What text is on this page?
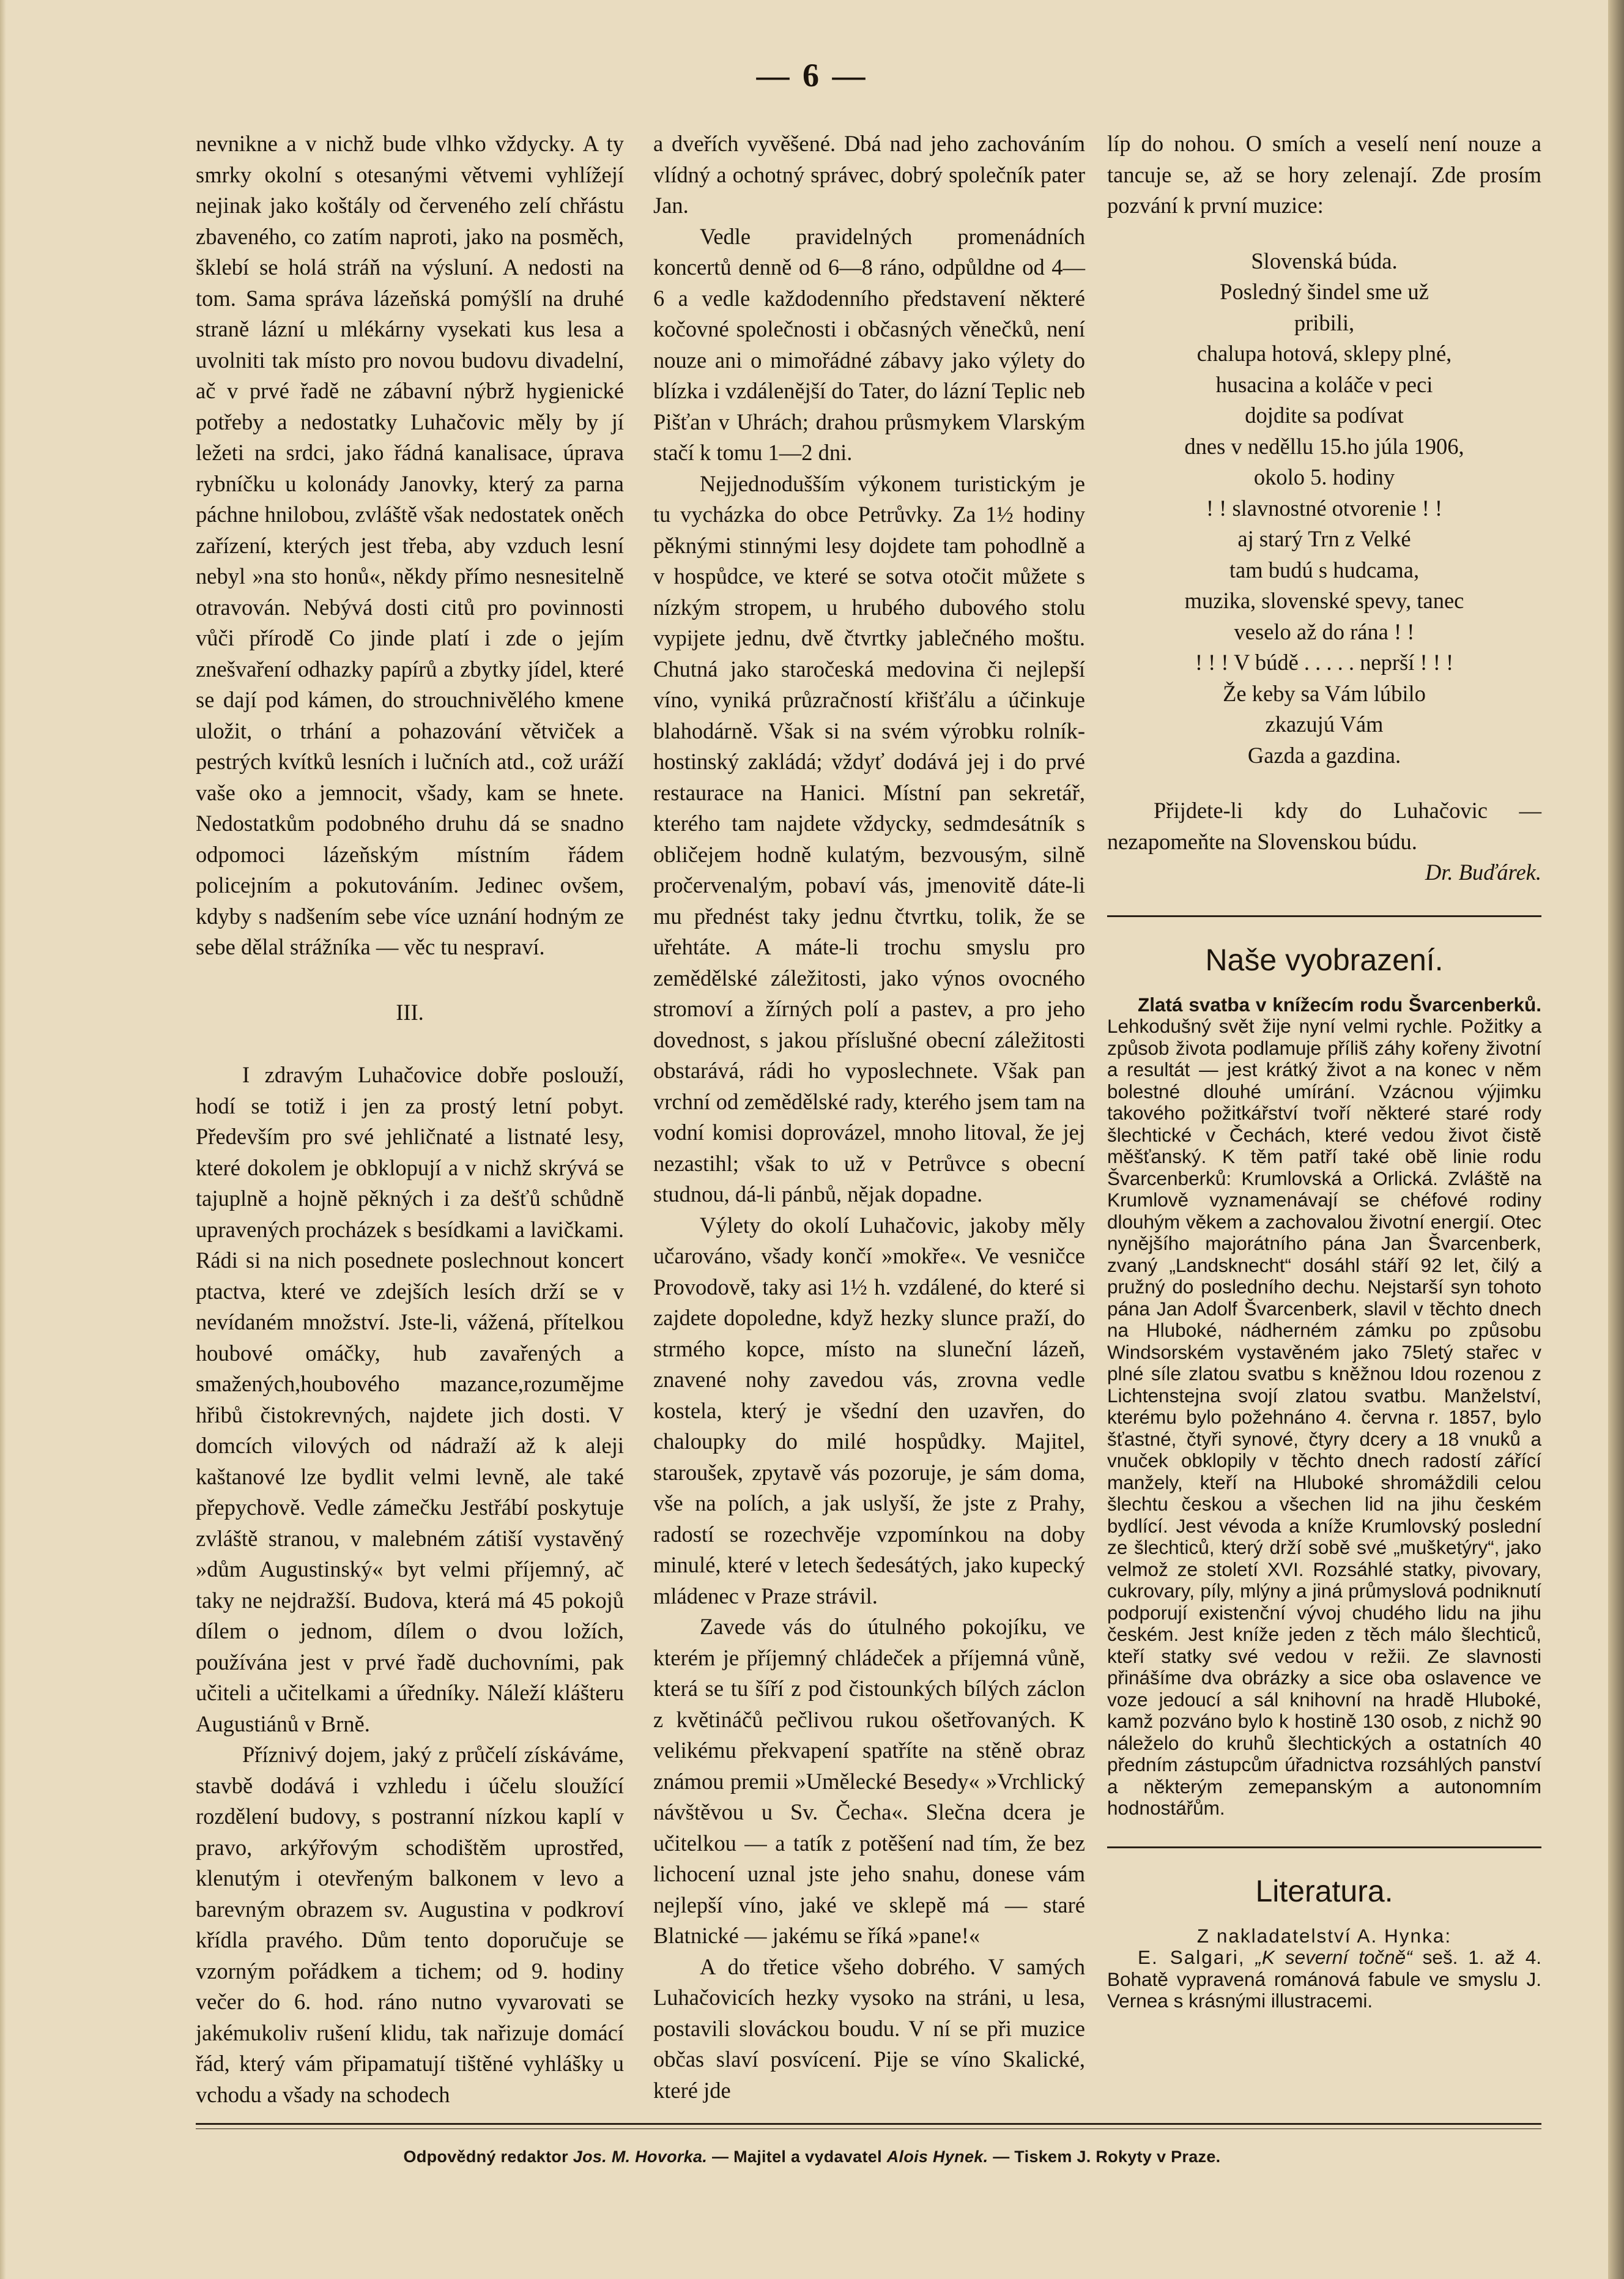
— 6 —

nevnikne a v nichž bude vlhko vždycky. A ty smrky okolní s otesanými větvemi vyhlížejí nejinak jako koštály od červeného zelí chřástu zbaveného, co zatím naproti, jako na posměch, šklebí se holá stráň na výsluní. A nedosti na tom. Sama správa lázeňská pomýšlí na druhé straně lázní u mlékárny vysekati kus lesa a uvolniti tak místo pro novou budovu divadelní, ač v prvé řadě ne zábavní nýbrž hygienické potřeby a nedostatky Luhačovic měly by jí ležeti na srdci, jako řádná kanalisace, úprava rybníčku u kolonády Janovky, který za parna páchne hnilobou, zvláště však nedostatek oněch zařízení, kterých jest třeba, aby vzduch lesní nebyl »na sto honů«, někdy přímo nesnesitelně otravován. Nebývá dosti citů pro povinnosti vůči přírodě Co jinde platí i zde o jejím znešvaření odhazky papírů a zbytky jídel, které se dají pod kámen, do strouchnivělého kmene uložit, o trhání a pohazování větviček a pestrých kvítků lesních i lučních atd., což uráží vaše oko a jemnocit, všady, kam se hnete. Nedostatkům podobného druhu dá se snadno odpomoci lázeňským místním řádem policejním a pokutováním. Jedinec ovšem, kdyby s nadšením sebe více uznání hodným ze sebe dělal strážníka — věc tu nespraví.

III.

I zdravým Luhačovice dobře poslouží, hodí se totiž i jen za prostý letní pobyt. Především pro své jehličnaté a listnaté lesy, které dokolem je obklopují a v nichž skrývá se tajuplně a hojně pěkných i za dešťů schůdně upravených procházek s besídkami a lavičkami. Rádi si na nich posednete poslechnout koncert ptactva, které ve zdejších lesích drží se v nevídaném množství. Jste-li, vážená, přítelkou houbové omáčky, hub zavařených a smažených,houbového mazance,rozumějme hřibů čistokrevných, najdete jich dosti. V domcích vilových od nádraží až k aleji kaštanové lze bydlit velmi levně, ale také přepychově. Vedle zámečku Jestřábí poskytuje zvláště stranou, v malebném zátiší vystavěný »dům Augustinský« byt velmi příjemný, ač taky ne nejdražší. Budova, která má 45 pokojů dílem o jednom, dílem o dvou ložích, používána jest v prvé řadě duchovními, pak učiteli a učitelkami a úředníky. Náleží klášteru Augustiánů v Brně.

Příznivý dojem, jaký z průčelí získáváme, stavbě dodává i vzhledu i účelu sloužící rozdělení budovy, s postranní nízkou kaplí v pravo, arkýřovým schodištěm uprostřed, klenutým i otevřeným balkonem v levo a barevným obrazem sv. Augustina v podkroví křídla pravého. Dům tento doporučuje se vzorným pořádkem a tichem; od 9. hodiny večer do 6. hod. ráno nutno vyvarovati se jakémukoliv rušení klidu, tak nařizuje domácí řád, který vám připamatují tištěné vyhlášky u vchodu a všady na schodech

a dveřích vyvěšené. Dbá nad jeho zachováním vlídný a ochotný správec, dobrý společník pater Jan.

Vedle pravidelných promenádních koncertů denně od 6—8 ráno, odpůldne od 4—6 a vedle každodenního představení některé kočovné společnosti i občasných věnečků, není nouze ani o mimořádné zábavy jako výlety do blízka i vzdálenější do Tater, do lázní Teplic neb Pišťan v Uhrách; drahou průsmykem Vlarským stačí k tomu 1—2 dni.

Nejjednodušším výkonem turistickým je tu vycházka do obce Petrůvky. Za 1½ hodiny pěknými stinnými lesy dojdete tam pohodlně a v hospůdce, ve které se sotva otočit můžete s nízkým stropem, u hrubého dubového stolu vypijete jednu, dvě čtvrtky jablečného moštu. Chutná jako staročeská medovina či nejlepší víno, vyniká průzračností křišťálu a účinkuje blahodárně. Však si na svém výrobku rolník-hostinský zakládá; vždyť dodává jej i do prvé restaurace na Hanici. Místní pan sekretář, kterého tam najdete vždycky, sedmdesátník s obličejem hodně kulatým, bezvousým, silně pročervenalým, pobaví vás, jmenovitě dáte-li mu přednést taky jednu čtvrtku, tolik, že se uřehtáte. A máte-li trochu smyslu pro zemědělské záležitosti, jako výnos ovocného stromoví a žírných polí a pastev, a pro jeho dovednost, s jakou příslušné obecní záležitosti obstarává, rádi ho vyposlechnete. Však pan vrchní od zemědělské rady, kterého jsem tam na vodní komisi doprovázel, mnoho litoval, že jej nezastihl; však to už v Petrůvce s obecní studnou, dá-li pánbů, nějak dopadne.

Výlety do okolí Luhačovic, jakoby měly učarováno, všady končí »mokře«. Ve vesničce Provodově, taky asi 1½ h. vzdálené, do které si zajdete dopoledne, když hezky slunce praží, do strmého kopce, místo na sluneční lázeň, znavené nohy zavedou vás, zrovna vedle kostela, který je všední den uzavřen, do chaloupky do milé hospůdky. Majitel, staroušek, zpytavě vás pozoruje, je sám doma, vše na polích, a jak uslyší, že jste z Prahy, radostí se rozechvěje vzpomínkou na doby minulé, které v letech šedesátých, jako kupecký mládenec v Praze strávil.

Zavede vás do útulného pokojíku, ve kterém je příjemný chládeček a příjemná vůně, která se tu šíří z pod čistounkých bílých záclon z květináčů pečlivou rukou ošetřovaných. K velikému překvapení spatříte na stěně obraz známou premii »Umělecké Besedy« »Vrchlický návštěvou u Sv. Čecha«. Slečna dcera je učitelkou — a tatík z potěšení nad tím, že bez lichocení uznal jste jeho snahu, donese vám nejlepší víno, jaké ve sklepě má — staré Blatnické — jakému se říká »pane!«

A do třetice všeho dobrého. V samých Luhačovicích hezky vysoko na stráni, u lesa, postavili slováckou boudu. V ní se při muzice občas slaví posvícení. Pije se víno Skalické, které jde

líp do nohou. O smích a veselí není nouze a tancuje se, až se hory zelenají. Zde prosím pozvání k první muzice:

Slovenská búda.

Posledný šindel sme už

pribili,

chalupa hotová, sklepy plné,

husacina a koláče v peci

dojdite sa podívat

dnes v neděllu 15.ho júla 1906,

okolo 5. hodiny

! ! slavnostné otvorenie ! !

aj starý Trn z Velké

tam budú s hudcama,

muzika, slovenské spevy, tanec

veselo až do rána ! !

! ! ! V búdě . . . . . neprší ! ! !

Že keby sa Vám lúbilo

zkazujú Vám

Gazda a gazdina.

Přijdete-li kdy do Luhačovic — nezapomeňte na Slovenskou búdu.

Dr. Buďárek.

Naše vyobrazení.

Zlatá svatba v knížecím rodu Švarcenberků. Lehkodušný svět žije nyní velmi rychle. Požitky a způsob života podlamuje příliš záhy kořeny životní a resultát — jest krátký život a na konec v něm bolestné dlouhé umírání. Vzácnou výjimku takového požitkářství tvoří některé staré rody šlechtické v Čechách, které vedou život čistě měšťanský. K těm patří také obě linie rodu Švarcenberků: Krumlovská a Orlická. Zvláště na Krumlově vyznamenávají se chéfové rodiny dlouhým věkem a zachovalou životní energií. Otec nynějšího majorátního pána Jan Švarcenberk, zvaný „Landsknecht“ dosáhl stáří 92 let, čilý a pružný do posledního dechu. Nejstarší syn tohoto pána Jan Adolf Švarcenberk, slavil v těchto dnech na Hluboké, nádherném zámku po způsobu Windsorském vystavěném jako 75letý stařec v plné síle zlatou svatbu s kněžnou Idou rozenou z Lichtenstejna svojí zlatou svatbu. Manželství, kterému bylo požehnáno 4. června r. 1857, bylo šťastné, čtyři synové, čtyry dcery a 18 vnuků a vnuček obklopily v těchto dnech radostí zářící manžely, kteří na Hluboké shromáždili celou šlechtu českou a všechen lid na jihu českém bydlící. Jest vévoda a kníže Krumlovský poslední ze šlechticů, který drží sobě své „mušketýry“, jako velmož ze století XVI. Rozsáhlé statky, pivovary, cukrovary, píly, mlýny a jiná průmyslová podniknutí podporují existenční vývoj chudého lidu na jihu českém. Jest kníže jeden z těch málo šlechticů, kteří statky své vedou v režii. Ze slavnosti přinášíme dva obrázky a sice oba oslavence ve voze jedoucí a sál knihovní na hradě Hluboké, kamž pozváno bylo k hostině 130 osob, z nichž 90 náleželo do kruhů šlechtických a ostatních 40 předním zástupcům úřadnictva rozsáhlých panství a některým zemepanským a autonomním hodnostářům.

Literatura.

Z nakladatelství A. Hynka:

E. Salgari, „K severní točně“ seš. 1. až 4. Bohatě vypravená románová fabule ve smyslu J. Vernea s krásnými illustracemi.

Odpovědný redaktor Jos. M. Hovorka. — Majitel a vydavatel Alois Hynek. — Tiskem J. Rokyty v Praze.
